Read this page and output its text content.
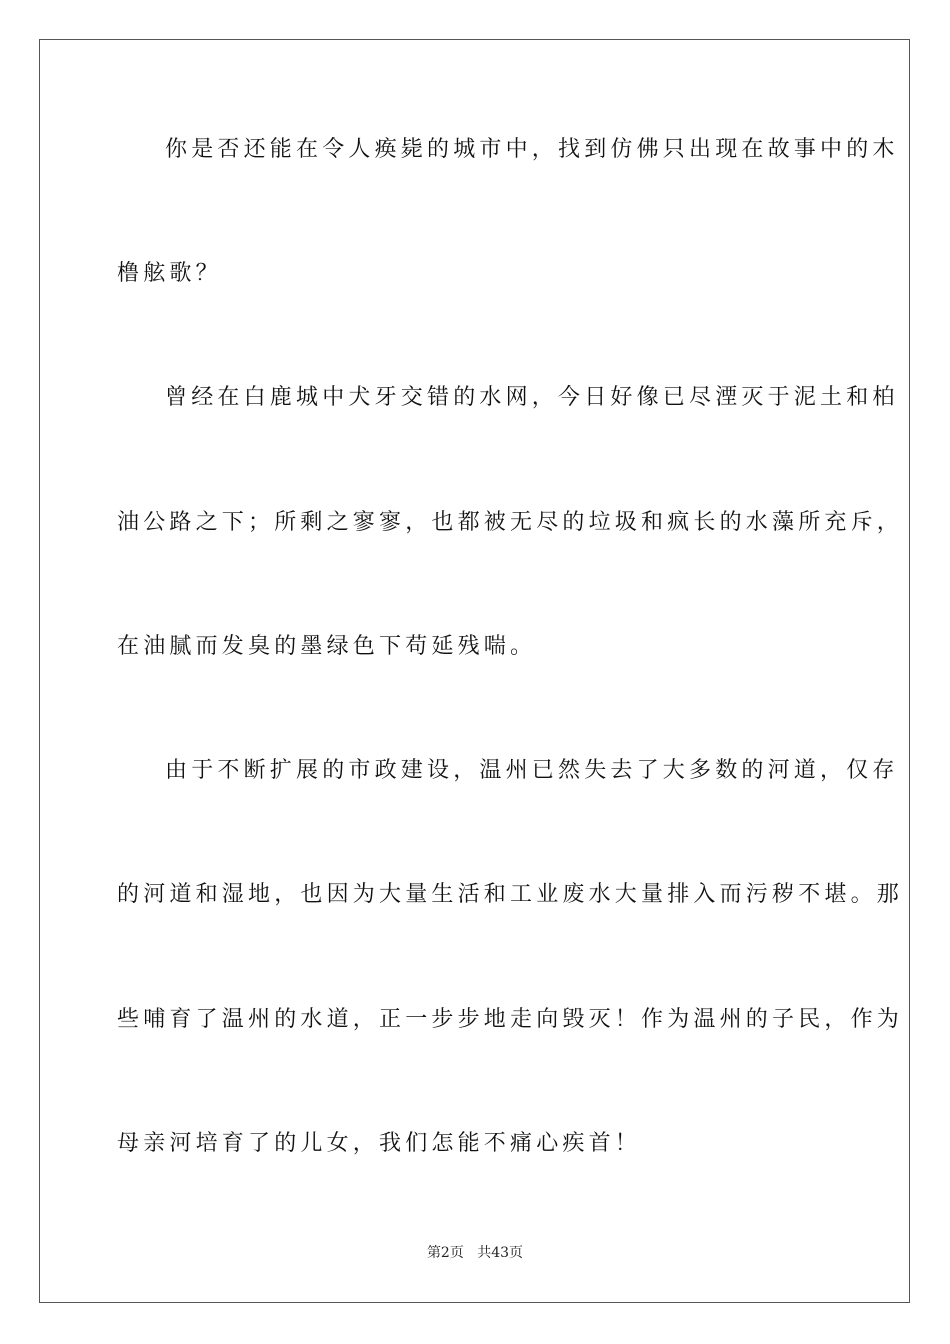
你是否还能在令人痪毙的城市中，找到仿佛只出现在故事中的木
橹舷歌？
曾经在白鹿城中犬牙交错的水网，今日好像已尽湮灭于泥土和柏
油公路之下；所剩之寥寥，也都被无尽的垃圾和疯长的水藻所充斥，
在油腻而发臭的墨绿色下苟延残喘。
由于不断扩展的市政建设，温州已然失去了大多数的河道，仅存
的河道和湿地，也因为大量生活和工业废水大量排入而污秽不堪。那
些哺育了温州的水道，正一步步地走向毁灭！作为温州的子民，作为
母亲河培育了的儿女，我们怎能不痛心疾首！
第2页 共43页
